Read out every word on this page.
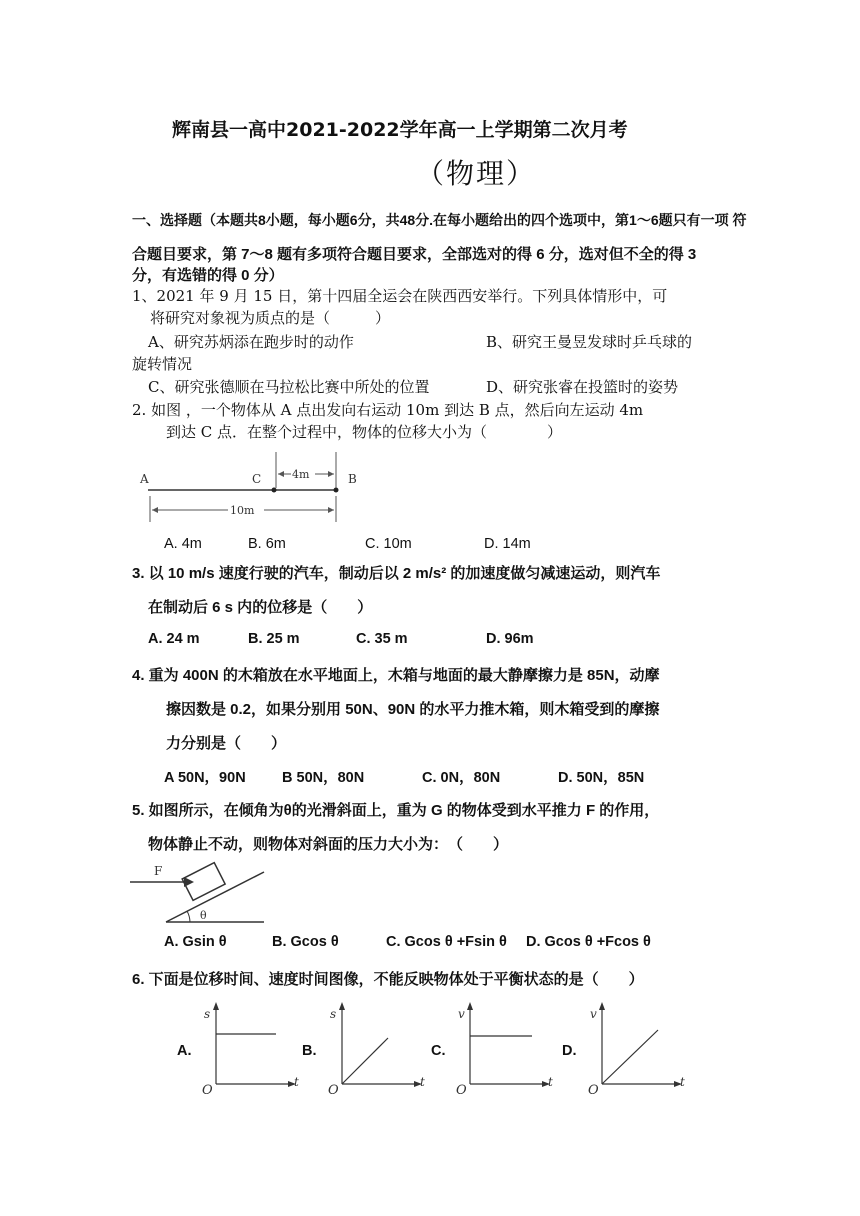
辉南县一高中2021-2022学年高一上学期第二次月考
（物理）
一、选择题（本题共8小题，每小题6分，共48分.在每小题给出的四个选项中，第1～6题只有一项 符
合题目要求，第 7～8 题有多项符合题目要求，全部选对的得 6 分，选对但不全的得 3
分，有选错的得 0 分）
1、2021 年 9 月 15 日，第十四届全运会在陕西西安举行。下列具体情形中，可
将研究对象视为质点的是（　　　）
A、研究苏炳添在跑步时的动作	B、研究王曼昱发球时乒乓球的
旋转情况
C、研究张德顺在马拉松比赛中所处的位置	D、研究张睿在投篮时的姿势
2. 如图 ，一个物体从 A 点出发向右运动 10m 到达 B 点，然后向左运动 4m
到达 C 点．在整个过程中，物体的位移大小为（　　　　）
A	C	B
4m
10m
A. 4m	B. 6m	C. 10m	D. 14m
3. 以 10 m/s 速度行驶的汽车，制动后以 2 m/s² 的加速度做匀减速运动，则汽车
在制动后 6 s 内的位移是（　　）
A. 24 m	B. 25 m	C. 35 m	D. 96m
4. 重为 400N 的木箱放在水平地面上，木箱与地面的最大静摩擦力是 85N，动摩
擦因数是 0.2，如果分别用 50N、90N 的水平力推木箱，则木箱受到的摩擦
力分别是（　　）
A 50N，90N	B 50N，80N	C. 0N，80N	D. 50N，85N
5. 如图所示，在倾角为θ的光滑斜面上，重为 G 的物体受到水平推力 F 的作用，
物体静止不动，则物体对斜面的压力大小为：　（　　）
F
θ
A. Gsin θ	B. Gcos θ	C. Gcos θ +Fsin θ D. Gcos θ +Fcos θ
6. 下面是位移时间、速度时间图像，不能反映物体处于平衡状态的是（　　）
A.
s
t
O
B.
s
t
O
C.
v
t
O
D.
v
t
O
